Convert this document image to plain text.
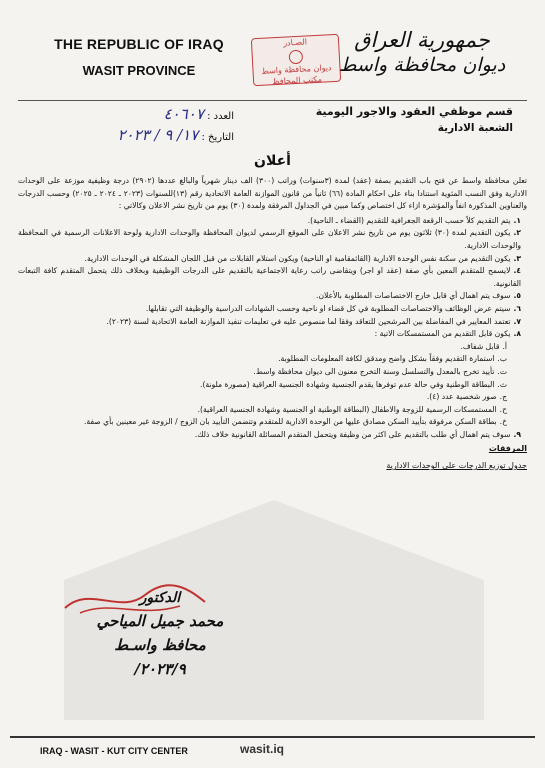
THE REPUBLIC OF IRAQ
WASIT PROVINCE
الصـادر
ديوان محافظة واسط
مكتب المحافظ
جمهورية العراق
ديوان محافظة واسط
العدد : ٤٠٦٠٧
التاريخ : ١٧/ ٩ / ٢٠٢٣
قسم موظفي العقود والاجور اليومية
الشعبة الادارية
أعلان

تعلن محافظة واسط عن فتح باب التقديم بصفة (عقد) لمدة (٣سنوات) وراتب (٣٠٠) الف دينار شهرياً والبالغ عددها (٢٩٠٢) درجة وظيفية موزعة على الوحدات الادارية وفق النسب المئوية استنادا بناء على احكام المادة (٦٦) ثانياً من قانون الموازنة العامة الاتحادية رقم (١٣)للسنوات (٢٠٢٣ ـ ٢٠٢٤ ـ ٢٠٢٥) وحسب الدرجات والعناوين المذكورة انفاً والمؤشرة ازاء كل اختصاص وكما مبين في الجداول المرفقة ولمدة (٣٠) يوم من تاريخ نشر الاعلان وكالاتي :

١.يتم التقديم كلاً حسب الرقعة الجغرافية للتقديم (القضاء ـ الناحية).
٢.يكون التقديم لمدة (٣٠) ثلاثون يوم من تاريخ نشر الاعلان على الموقع الرسمي لديوان المحافظة والوحدات الادارية ولوحة الاعلانات الرسمية في المحافظة والوحدات الادارية.
٣.يكون التقديم من سكنة نفس الوحدة الادارية (القائمقامية او الناحية) ويكون استلام القابلات من قبل اللجان المشكلة في الوحدات الادارية.
٤.لايسمح للمتقدم المعين بأي صفة (عقد او اجر) ويتقاضى راتب رعاية الاجتماعية بالتقديم على الدرجات الوظيفية وبخلاف ذلك يتحمل المتقدم كافة التبعات القانونية.
٥.سوف يتم اهمال أي قابل خارج الاختصاصات المطلوبة بالأعلان.
٦.سيتم عرض الوظائف والاختصاصات المطلوبة في كل قضاء او ناحية وحسب الشهادات الدراسية والوظيفة التي تقابلها.
٧.تعتمد المعايير في المفاضلة بين المرشحين للتعاقد وفقا لما منصوص عليه في تعليمات تنفيذ الموازنة العامة الاتحادية لسنة (٢٠٢٣).
٨.يكون قابل التقديم من المستمسكات الاتية :
أ.قابل شفاف.
ب.استمارة التقديم وفقاً بشكل واضح ومدقق لكافة المعلومات المطلوبة.
ت.تأييد تخرج بالمعدل والتسلسل وسنة التخرج معنون الى ديوان محافظة واسط.
ث.البطاقة الوطنية وفي حالة عدم توفرها يقدم الجنسية وشهادة الجنسية العراقية (مصورة ملونة).
ج.صور شخصية عدد (٤).
ح.المستمسكات الرسمية للزوجة والاطفال (البطاقة الوطنية او الجنسية وشهادة الجنسية العراقية).
خ.بطاقة السكن مرفوقة بتأييد السكن مصادق عليها من الوحدة الادارية للمتقدم وتتضمن التأييد بان الزوج / الزوجة غير معينين بأي صفة.
٩.سوف يتم اهمال أي طلب بالتقديم على اكثر من وظيفة ويتحمل المتقدم المسائلة القانونية خلاف ذلك.
المرفقات
جدول توزيع الدرجات على الوحدات الادارية
الدكتور
محمد جميل المياحي
محافظ واسـط
/٢٠٢٣/٩
IRAQ - WASIT - KUT CITY CENTER	wasit.iq
